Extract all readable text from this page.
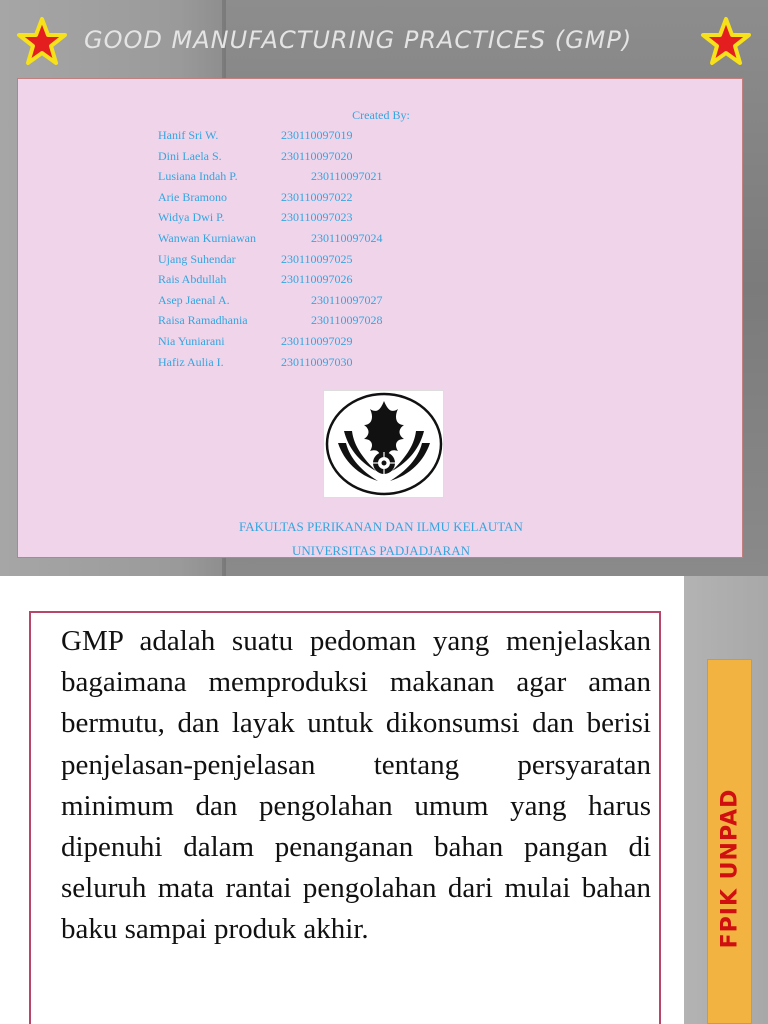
GOOD MANUFACTURING PRACTICES (GMP)
Created By:
Hanif Sri W.	230110097019
Dini Laela S.	230110097020
Lusiana Indah P.	230110097021
Arie Bramono	230110097022
Widya Dwi P.	230110097023
Wanwan Kurniawan	230110097024
Ujang Suhendar	230110097025
Rais Abdullah	230110097026
Asep Jaenal A.	230110097027
Raisa Ramadhania	230110097028
Nia Yuniarani	230110097029
Hafiz Aulia I.	230110097030
FAKULTAS PERIKANAN DAN ILMU KELAUTAN
UNIVERSITAS PADJADJARAN
GMP adalah suatu pedoman yang menjelaskan bagaimana memproduksi makanan agar aman bermutu, dan layak untuk dikonsumsi dan berisi penjelasan-penjelasan tentang persyaratan minimum dan pengolahan umum yang harus dipenuhi dalam penanganan bahan pangan di seluruh mata rantai pengolahan dari mulai bahan baku sampai produk akhir.	FPIK UNPAD
